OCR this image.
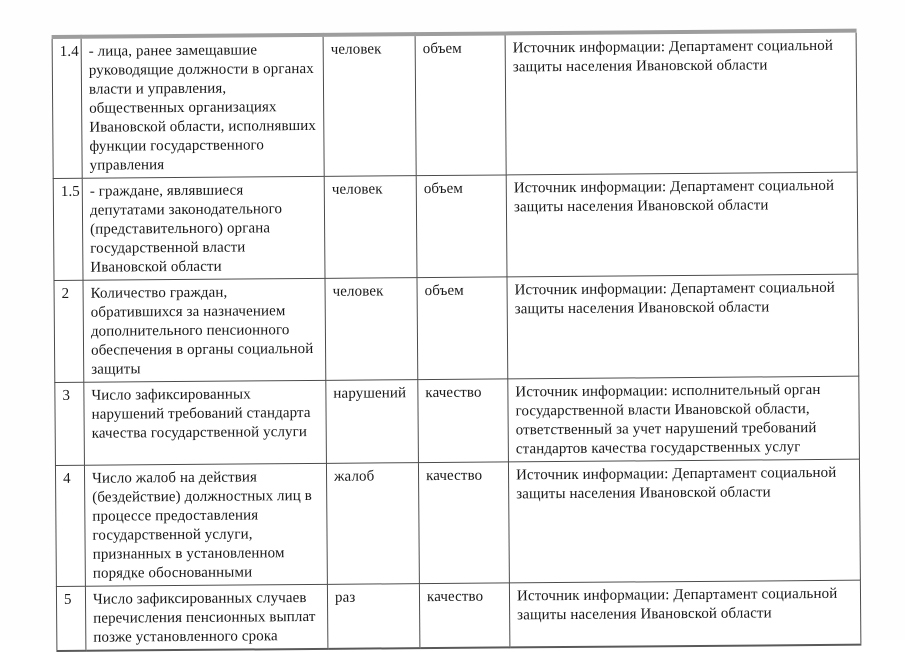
1.4	- лица, ранее замещавшие руководящие должности в органах власти и управления, общественных организациях Ивановской области, исполнявших функции государственного управления	человек	объем	Источник информации: Департамент социальной защиты населения Ивановской области
1.5	- граждане, являвшиеся депутатами законодательного (представительного) органа государственной власти Ивановской области	человек	объем	Источник информации: Департамент социальной защиты населения Ивановской области
2	Количество граждан, обратившихся за назначением дополнительного пенсионного обеспечения в органы социальной защиты	человек	объем	Источник информации: Департамент социальной защиты населения Ивановской области
3	Число зафиксированных нарушений требований стандарта качества государственной услуги	нарушений	качество	Источник информации: исполнительный орган государственной власти Ивановской области, ответственный за учет нарушений требований стандартов качества государственных услуг
4	Число жалоб на действия (бездействие) должностных лиц в процессе предоставления государственной услуги, признанных в установленном порядке обоснованными	жалоб	качество	Источник информации: Департамент социальной защиты населения Ивановской области
5	Число зафиксированных случаев перечисления пенсионных выплат позже установленного срока	раз	качество	Источник информации: Департамент социальной защиты населения Ивановской области
